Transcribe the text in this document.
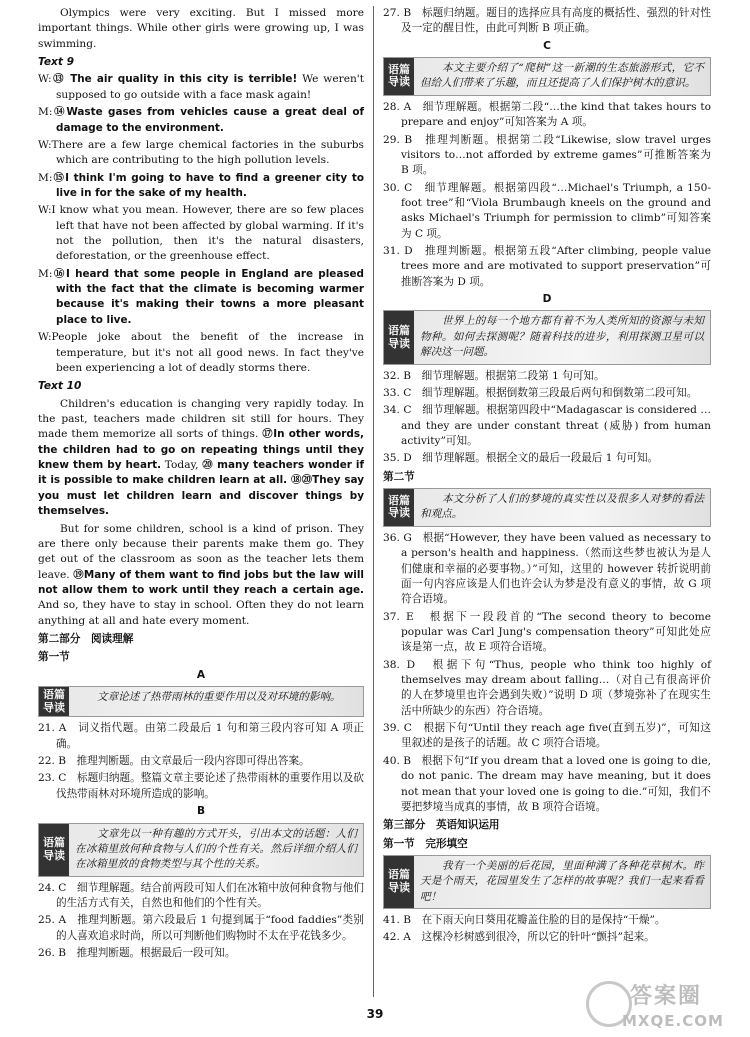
Olympics were very exciting. But I missed more important things. While other girls were growing up, I was swimming.

Text 9

W:⑬ The air quality in this city is terrible! We weren't supposed to go outside with a face mask again!

M:⑭Waste gases from vehicles cause a great deal of damage to the environment.

W:There are a few large chemical factories in the suburbs which are contributing to the high pollution levels.

M:⑮I think I'm going to have to find a greener city to live in for the sake of my health.

W:I know what you mean. However, there are so few places left that have not been affected by global warming. If it's not the pollution, then it's the natural disasters, deforestation, or the greenhouse effect.

M:⑯I heard that some people in England are pleased with the fact that the climate is becoming warmer because it's making their towns a more pleasant place to live.

W:People joke about the benefit of the increase in temperature, but it's not all good news. In fact they've been experiencing a lot of deadly storms there.

Text 10

Children's education is changing very rapidly today. In the past, teachers made children sit still for hours. They made them memorize all sorts of things. ⑰In other words, the children had to go on repeating things until they knew them by heart. Today, ⑳ many teachers wonder if it is possible to make children learn at all. ⑱⑳They say you must let children learn and discover things by themselves.

But for some children, school is a kind of prison. They are there only because their parents make them go. They get out of the classroom as soon as the teacher lets them leave. ⑲Many of them want to find jobs but the law will not allow them to work until they reach a certain age. And so, they have to stay in school. Often they do not learn anything at all and hate every moment.

第二部分　阅读理解
第一节
A
语篇
导读
文章论述了热带雨林的重要作用以及对环境的影响。

21. A　词义指代题。由第二段最后 1 句和第三段内容可知 A 项正确。

22. B　推理判断题。由文章最后一段内容即可得出答案。

23. C　标题归纳题。整篇文章主要论述了热带雨林的重要作用以及砍伐热带雨林对环境所造成的影响。

B
语篇
导读
文章先以一种有趣的方式开头，引出本文的话题：人们在冰箱里放何种食物与人们的个性有关。然后详细介绍人们在冰箱里放的食物类型与其个性的关系。

24. C　细节理解题。结合前两段可知人们在冰箱中放何种食物与他们的生活方式有关，自然也和他们的个性有关。

25. A　推理判断题。第六段最后 1 句提到属于“food faddies”类别的人喜欢追求时尚，所以可判断他们购物时不太在乎花钱多少。

26. B　推理判断题。根据最后一段可知。

27. B　标题归纳题。题目的选择应具有高度的概括性、强烈的针对性及一定的醒目性，由此可判断 B 项正确。

C
语篇
导读
本文主要介绍了“爬树”这一新潮的生态旅游形式，它不但给人们带来了乐趣，而且还提高了人们保护树木的意识。

28. A　细节理解题。根据第二段“…the kind that takes hours to prepare and enjoy”可知答案为 A 项。

29. B　推理判断题。根据第二段“Likewise, slow travel urges visitors to…not afforded by extreme games”可推断答案为 B 项。

30. C　细节理解题。根据第四段“…Michael's Triumph, a 150-foot tree”和“Viola Brumbaugh kneels on the ground and asks Michael's Triumph for permission to climb”可知答案为 C 项。

31. D　推理判断题。根据第五段“After climbing, people value trees more and are motivated to support preservation”可推断答案为 D 项。

D
语篇
导读
世界上的每一个地方都有着不为人类所知的资源与未知物种。如何去探测呢？随着科技的进步，利用探测卫星可以解决这一问题。

32. B　细节理解题。根据第二段第 1 句可知。

33. C　细节理解题。根据倒数第三段最后两句和倒数第二段可知。

34. C　细节理解题。根据第四段中“Madagascar is considered …and they are under constant threat (威胁) from human activity”可知。

35. D　细节理解题。根据全文的最后一段最后 1 句可知。

第二节
语篇
导读
本文分析了人们的梦境的真实性以及很多人对梦的看法和观点。

36. G　根据“However, they have been valued as necessary to a person's health and happiness.（然而这些梦也被认为是人们健康和幸福的必要事物。）”可知，这里的 however 转折说明前面一句内容应该是人们也许会认为梦是没有意义的事情，故 G 项符合语境。

37. E　根据下一段段首的“The second theory to become popular was Carl Jung's compensation theory”可知此处应该是第一点，故 E 项符合语境。

38. D　根据下句“Thus, people who think too highly of themselves may dream about falling…（对自己有很高评价的人在梦境里也许会遇到失败）”说明 D 项（梦境弥补了在现实生活中所缺少的东西）符合语境。

39. C　根据下句“Until they reach age five(直到五岁)”，可知这里叙述的是孩子的话题。故 C 项符合语境。

40. B　根据下句“If you dream that a loved one is going to die, do not panic. The dream may have meaning, but it does not mean that your loved one is going to die.”可知，我们不要把梦境当成真的事情，故 B 项符合语境。

第三部分　英语知识运用
第一节　完形填空
语篇
导读
我有一个美丽的后花园，里面种满了各种花草树木。昨天是个雨天，花园里发生了怎样的故事呢？我们一起来看看吧！

41. B　在下雨天向日葵用花瓣盖住脸的目的是保持“干燥”。

42. A　这棵冷杉树感到很冷，所以它的针叶“颤抖”起来。

39
答案圈
MXQE.COM
